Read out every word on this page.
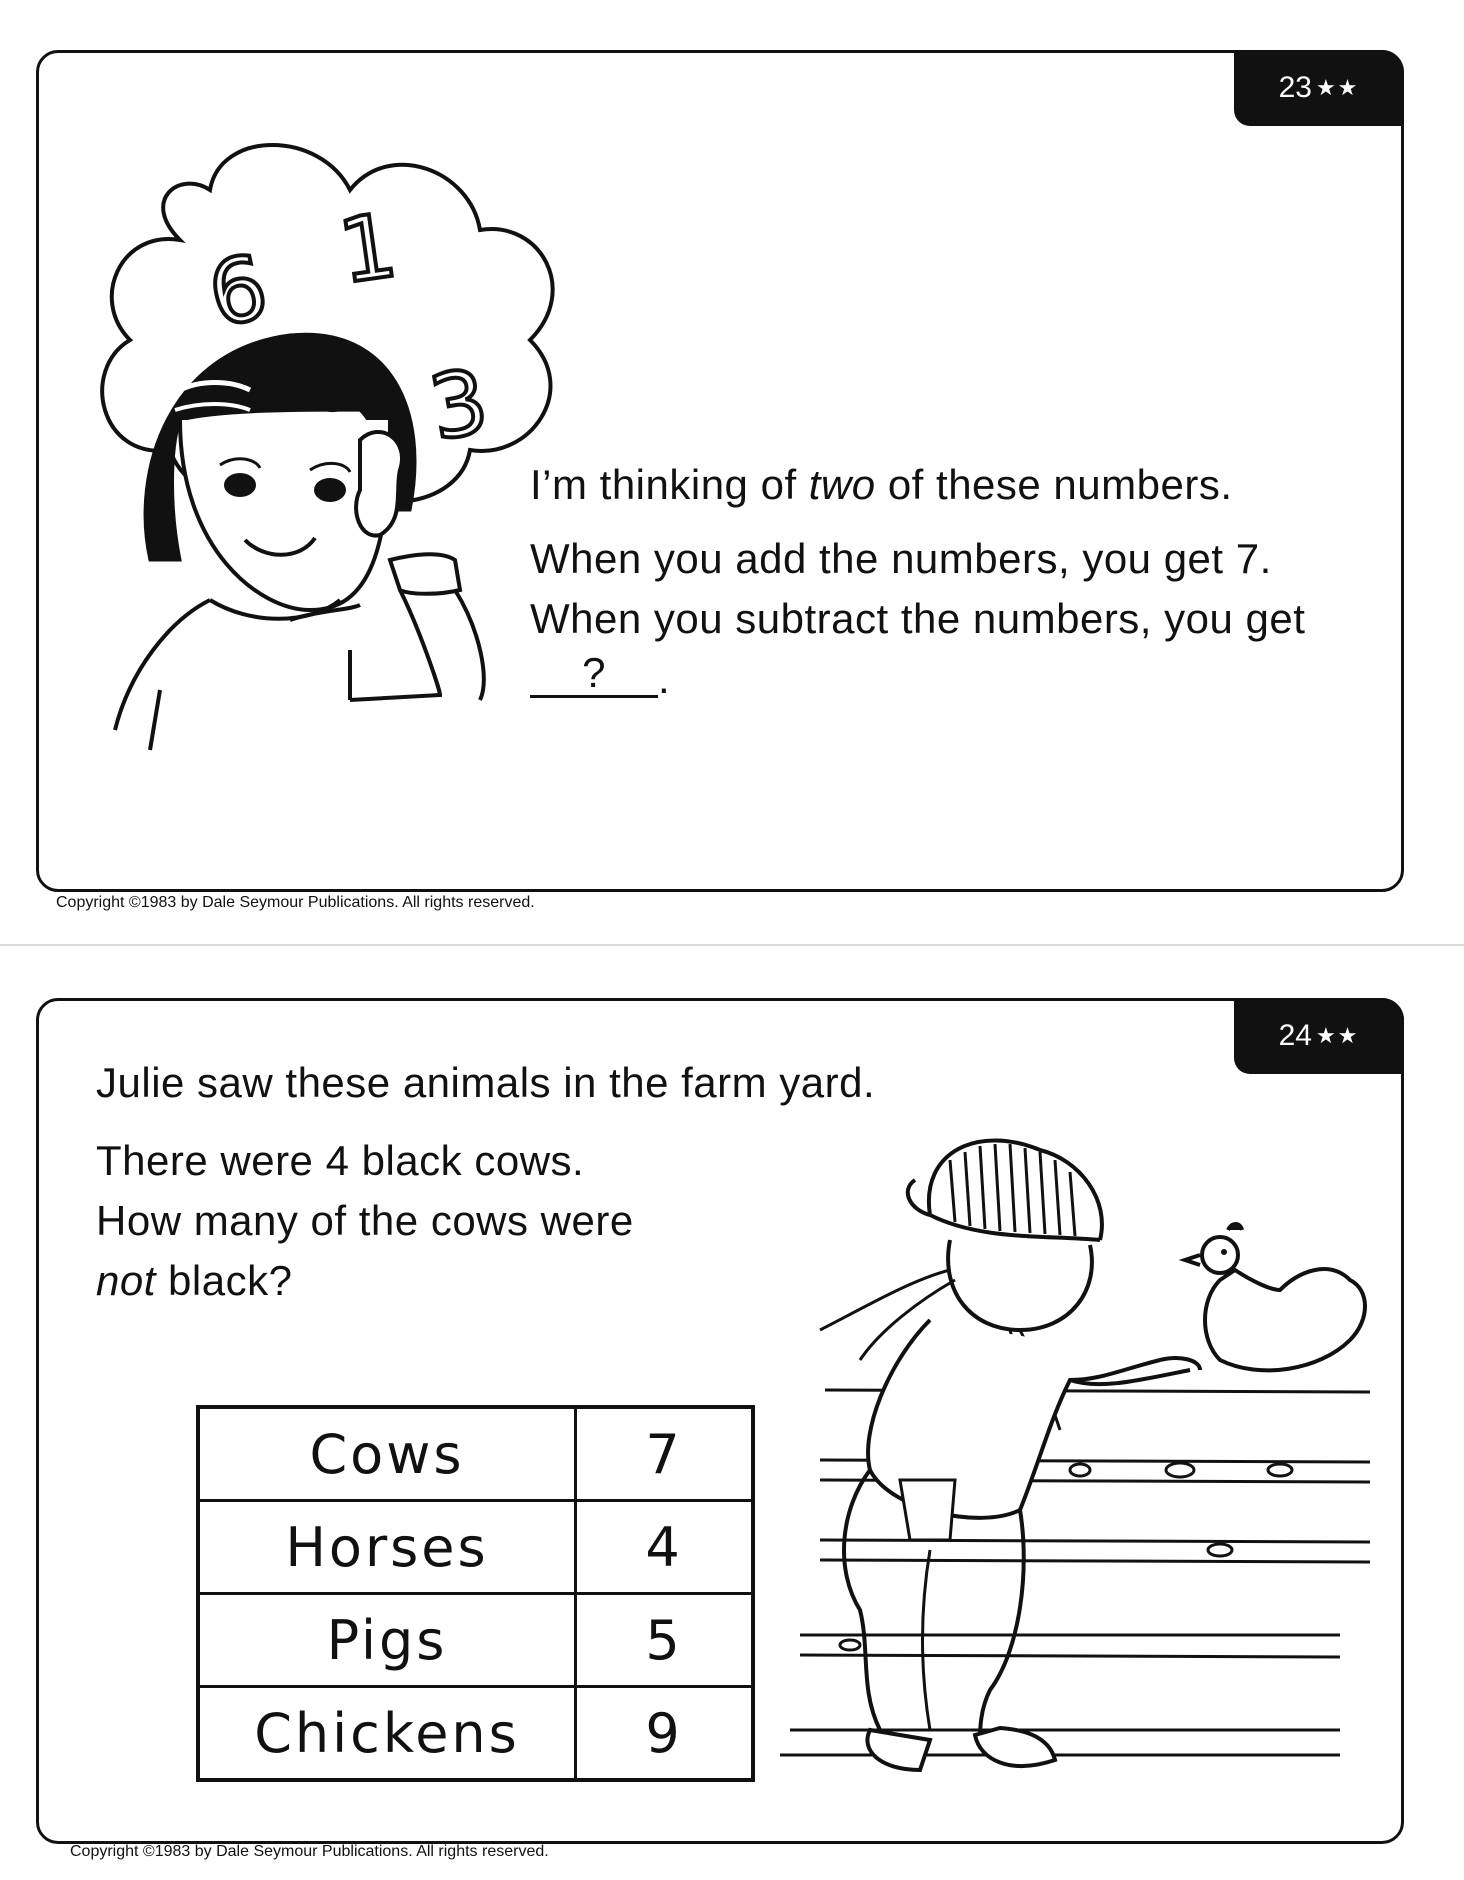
23 ★★
6 1
3

I’m thinking of two of these numbers.

When you add the numbers, you get 7. When you subtract the numbers, you get ? .

Copyright ©1983 by Dale Seymour Publications. All rights reserved.
24 ★★

Julie saw these animals in the farm yard.

There were 4 black cows.

How many of the cows were

not black?

Cows	7
Horses	4
Pigs	5
Chickens	9
Copyright ©1983 by Dale Seymour Publications. All rights reserved.
